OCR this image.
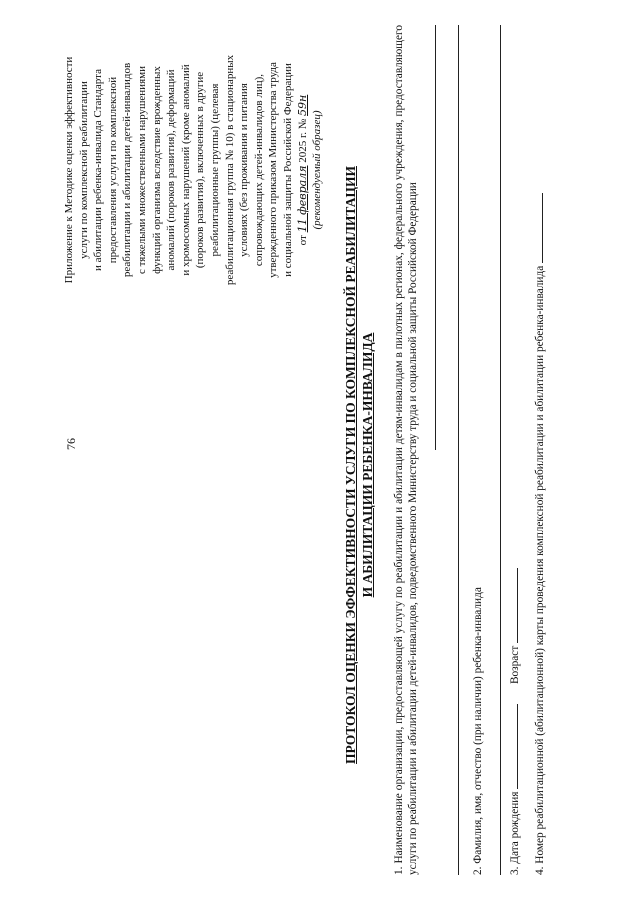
76
Приложение к Методике оценки эффективности услуги по комплексной реабилитации и абилитации ребенка-инвалида Стандарта предоставления услуги по комплексной реабилитации и абилитации детей-инвалидов с тяжелыми множественными нарушениями функций организма вследствие врожденных аномалий (пороков развития), деформаций и хромосомных нарушений (кроме аномалий (пороков развития), включенных в другие реабилитационные группы) (целевая реабилитационная группа № 10) в стационарных условиях (без проживания и питания сопровождающих детей-инвалидов лиц), утвержденного приказом Министерства труда и социальной защиты Российской Федерации от 11 февраля 2025 г. № 59н
(рекомендуемый образец) ПРОТОКОЛ ОЦЕНКИ ЭФФЕКТИВНОСТИ УСЛУГИ ПО КОМПЛЕКСНОЙ РЕАБИЛИТАЦИИ И АБИЛИТАЦИИ РЕБЕНКА-ИНВАЛИДА 1. Наименование организации, предоставляющей услугу по реабилитации и абилитации детям-инвалидам в пилотных регионах, федерального учреждения, предоставляющего услуги по реабилитации и абилитации детей-инвалидов, подведомственного Министерству труда и социальной защиты Российской Федерации	2. Фамилия, имя, отчество (при наличии) ребенка-инвалида 3. Дата рождения   Возраст 4. Номер реабилитационной (абилитационной) карты проведения комплексной реабилитации и абилитации ребенка-инвалида
